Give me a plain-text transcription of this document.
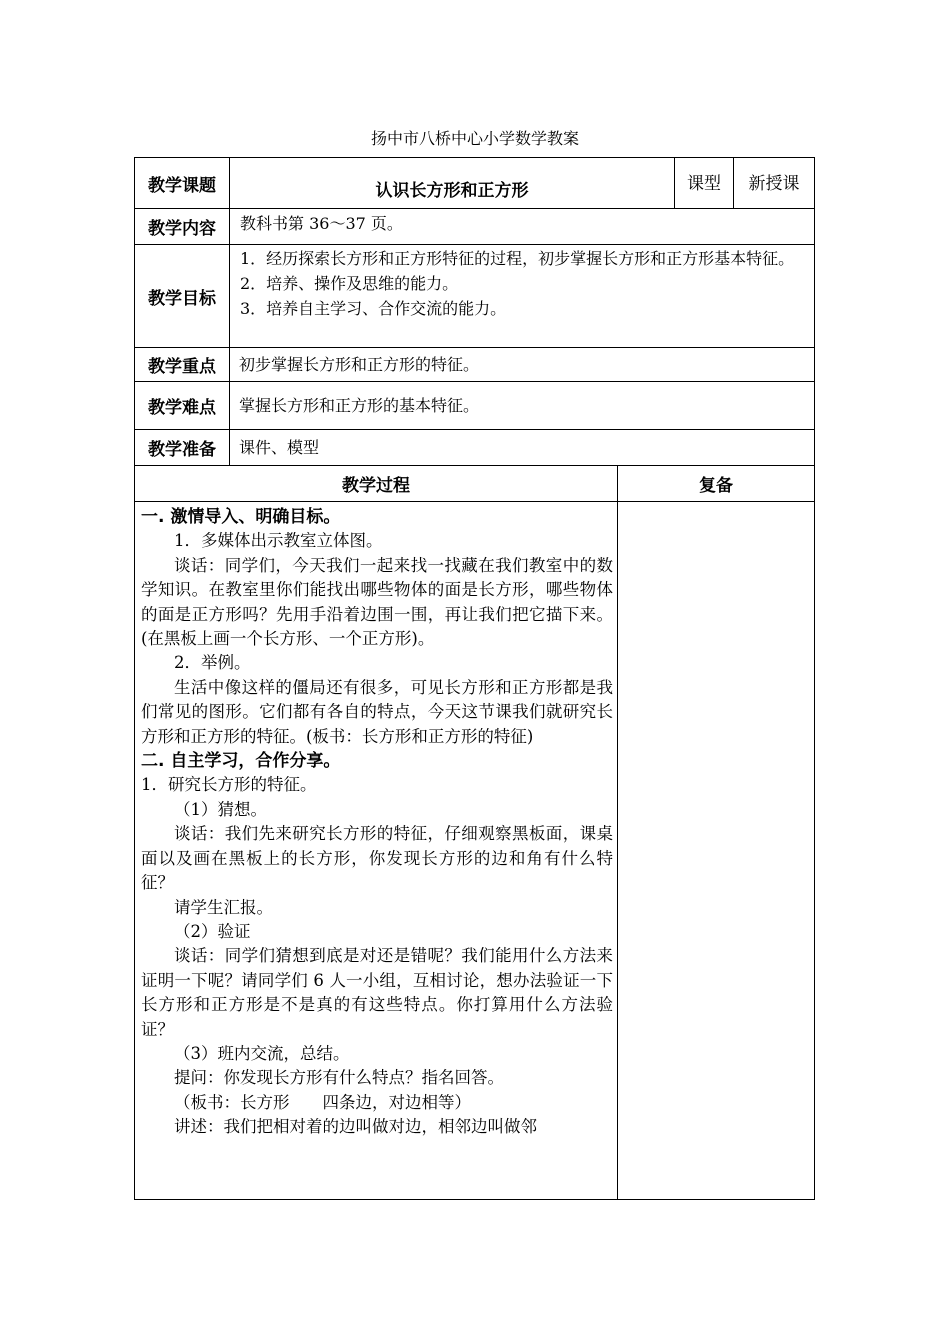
扬中市八桥中心小学数学教案
教学课题	认识长方形和正方形	课型	新授课
教学内容	教科书第 36～37 页。
教学目标
1．经历探索长方形和正方形特征的过程，初步掌握长方形和正方形基本特征。
2．培养、操作及思维的能力。
3．培养自主学习、合作交流的能力。
教学重点	初步掌握长方形和正方形的特征。
教学难点	掌握长方形和正方形的基本特征。
教学准备	课件、模型
教学过程	复备

一. 激情导入、明确目标。

1．多媒体出示教室立体图。

谈话：同学们，今天我们一起来找一找藏在我们教室中的数学知识。在教室里你们能找出哪些物体的面是长方形，哪些物体的面是正方形吗？先用手沿着边围一围，再让我们把它描下来。(在黑板上画一个长方形、一个正方形)。

2．举例。

生活中像这样的僵局还有很多，可见长方形和正方形都是我们常见的图形。它们都有各自的特点，今天这节课我们就研究长方形和正方形的特征。(板书：长方形和正方形的特征)

二. 自主学习，合作分享。

1．研究长方形的特征。

（1）猜想。

谈话：我们先来研究长方形的特征，仔细观察黑板面，课桌面以及画在黑板上的长方形，你发现长方形的边和角有什么特征？

请学生汇报。

（2）验证

谈话：同学们猜想到底是对还是错呢？我们能用什么方法来证明一下呢？请同学们 6 人一小组，互相讨论，想办法验证一下长方形和正方形是不是真的有这些特点。你打算用什么方法验证？

（3）班内交流，总结。

提问：你发现长方形有什么特点？指名回答。

（板书：长方形　　四条边，对边相等）

讲述：我们把相对着的边叫做对边，相邻边叫做邻
